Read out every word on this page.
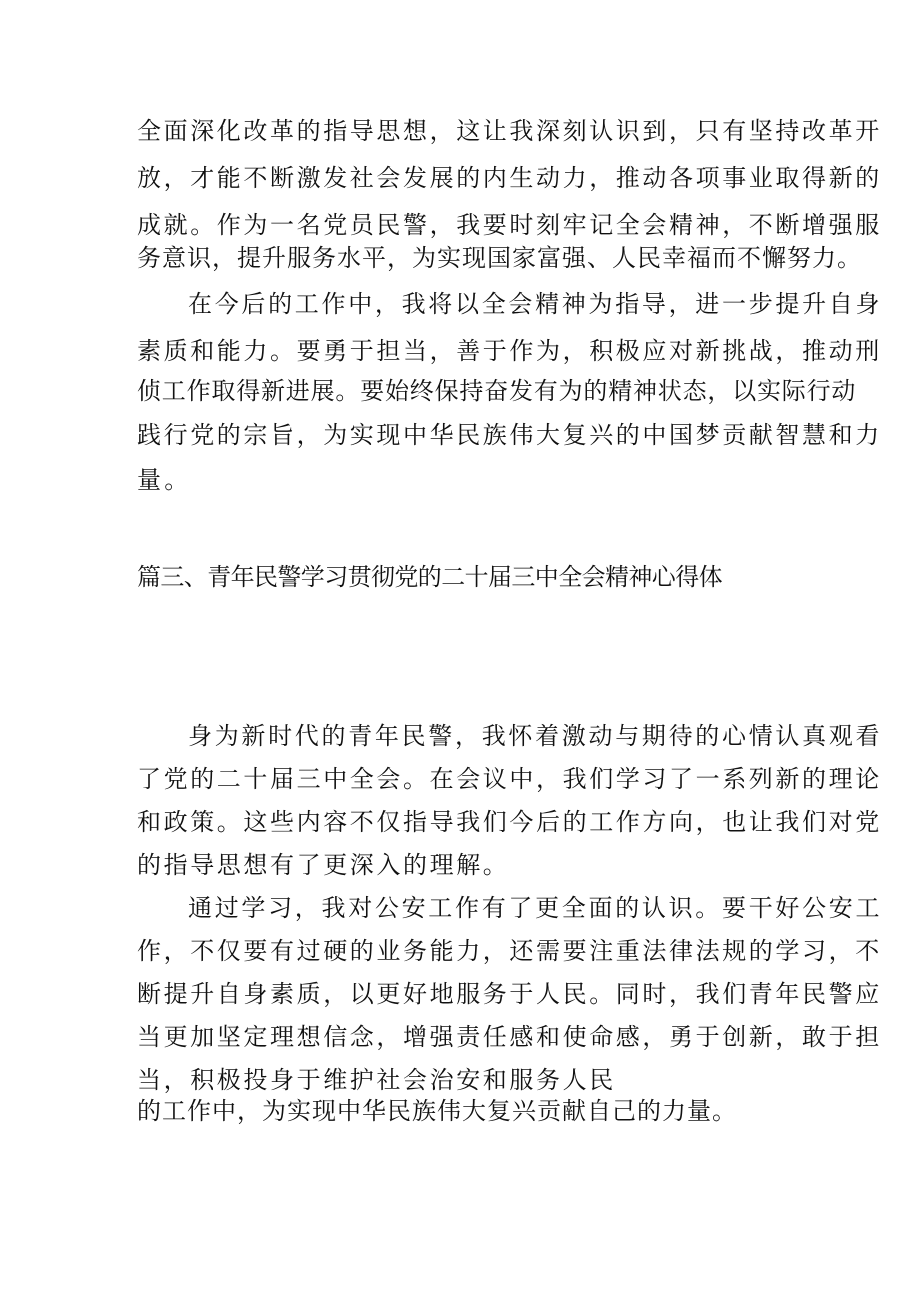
全面深化改革的指导思想，这让我深刻认识到，只有坚持改革开

放，才能不断激发社会发展的内生动力，推动各项事业取得新的

成就。作为一名党员民警，我要时刻牢记全会精神，不断增强服

务意识，提升服务水平，为实现国家富强、人民幸福而不懈努力。

在今后的工作中，我将以全会精神为指导，进一步提升自身

素质和能力。要勇于担当，善于作为，积极应对新挑战，推动刑

侦工作取得新进展。要始终保持奋发有为的精神状态，以实际行动

践行党的宗旨，为实现中华民族伟大复兴的中国梦贡献智慧和力

量。

篇三、青年民警学习贯彻党的二十届三中全会精神心得体

身为新时代的青年民警，我怀着激动与期待的心情认真观看

了党的二十届三中全会。在会议中，我们学习了一系列新的理论

和政策。这些内容不仅指导我们今后的工作方向，也让我们对党

的指导思想有了更深入的理解。

通过学习，我对公安工作有了更全面的认识。要干好公安工

作，不仅要有过硬的业务能力，还需要注重法律法规的学习，不

断提升自身素质，以更好地服务于人民。同时，我们青年民警应

当更加坚定理想信念，增强责任感和使命感，勇于创新，敢于担

当，积极投身于维护社会治安和服务人民

的工作中，为实现中华民族伟大复兴贡献自己的力量。
